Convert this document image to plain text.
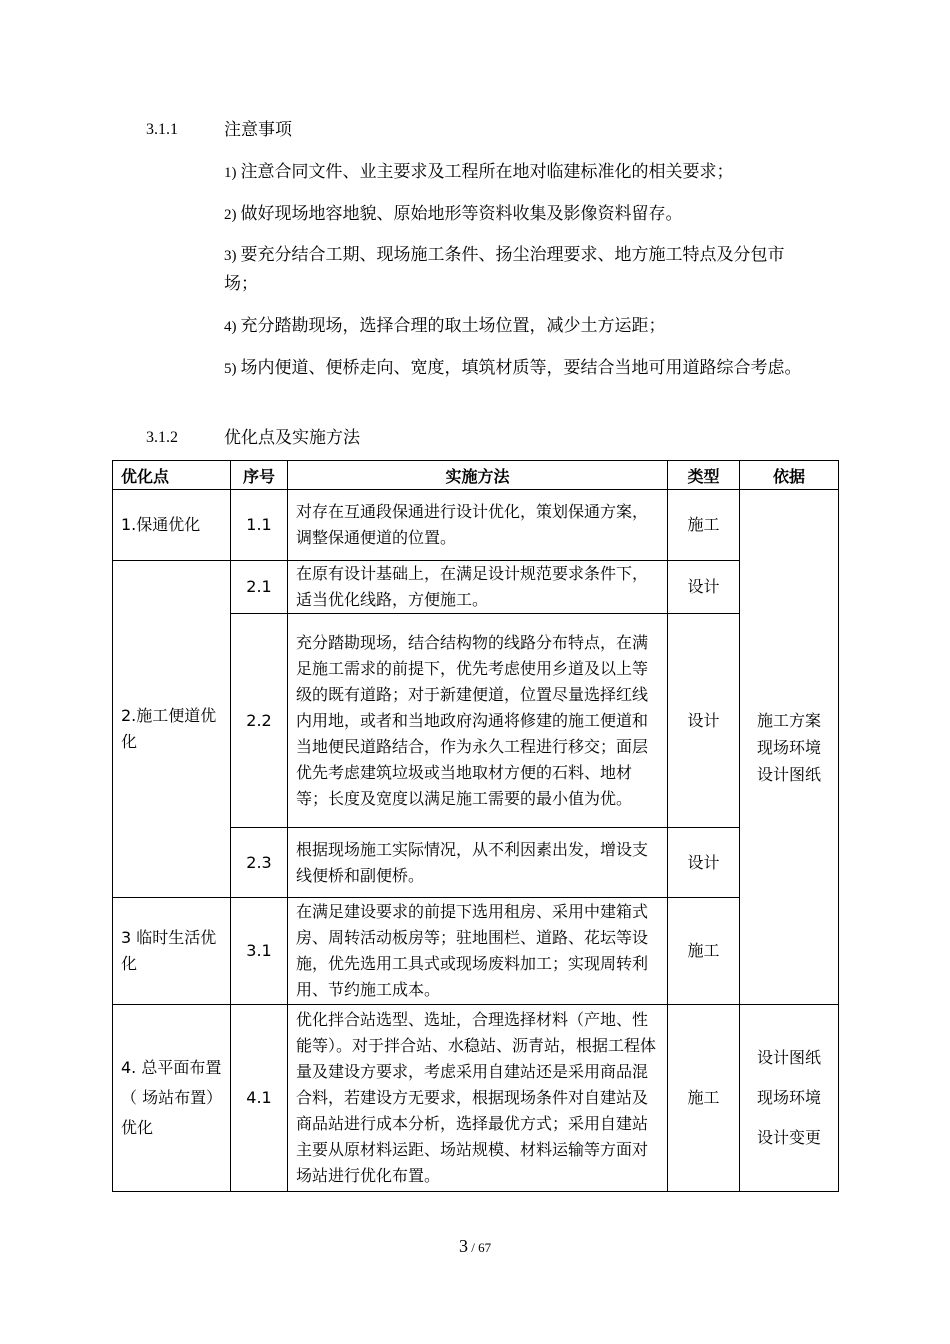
3.1.1	注意事项
1) 注意合同文件、业主要求及工程所在地对临建标准化的相关要求；
2) 做好现场地容地貌、原始地形等资料收集及影像资料留存。
3) 要充分结合工期、现场施工条件、扬尘治理要求、地方施工特点及分包市场；
4) 充分踏勘现场，选择合理的取土场位置，减少土方运距；
5) 场内便道、便桥走向、宽度，填筑材质等，要结合当地可用道路综合考虑。
3.1.2	优化点及实施方法
优化点	序号	实施方法	类型	依据
1.保通优化	1.1	对存在互通段保通进行设计优化，策划保通方案，调整保通便道的位置。	施工	施工方案
现场环境
设计图纸

2.施工便道优化	2.1	在原有设计基础上，在满足设计规范要求条件下，适当优化线路，方便施工。	设计	
	2.2	充分踏勘现场，结合结构物的线路分布特点，在满足施工需求的前提下，优先考虑使用乡道及以上等级的既有道路；对于新建便道，位置尽量选择红线内用地，或者和当地政府沟通将修建的施工便道和当地便民道路结合，作为永久工程进行移交；面层优先考虑建筑垃圾或当地取材方便的石料、地材等；长度及宽度以满足施工需要的最小值为优。	设计	
	2.3	根据现场施工实际情况，从不利因素出发，增设支线便桥和副便桥。	设计	
3 临时生活优化	3.1	在满足建设要求的前提下选用租房、采用中建箱式房、周转活动板房等；驻地围栏、道路、花坛等设施，优先选用工具式或现场废料加工；实现周转利用、节约施工成本。	施工	
4. 总平面布置（ 场站布置）优化	4.1	优化拌合站选型、选址，合理选择材料（产地、性能等）。对于拌合站、水稳站、沥青站，根据工程体量及建设方要求，考虑采用自建站还是采用商品混合料，若建设方无要求，根据现场条件对自建站及商品站进行成本分析，选择最优方式；采用自建站主要从原材料运距、场站规模、材料运输等方面对场站进行优化布置。	施工	设计图纸
现场环境
设计变更
3 / 67
